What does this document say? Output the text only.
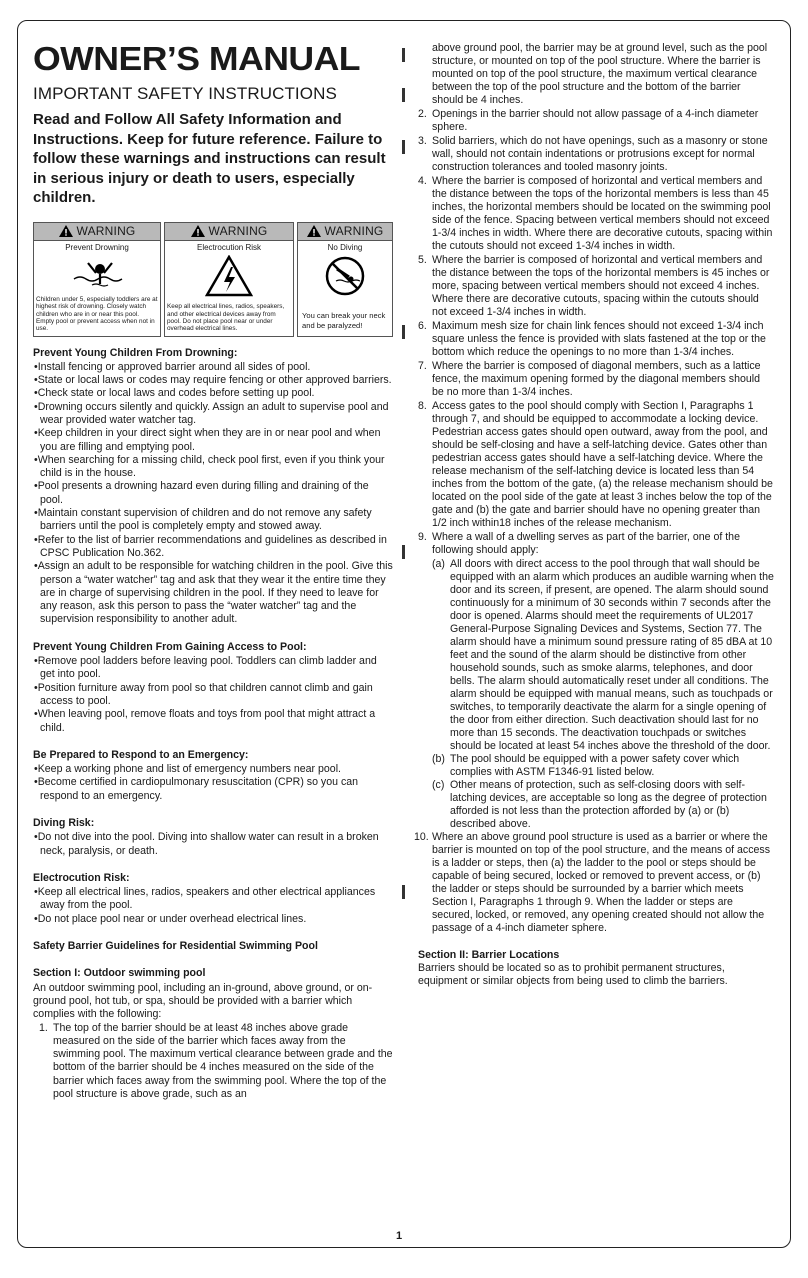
OWNER’S MANUAL
IMPORTANT SAFETY INSTRUCTIONS

Read and Follow All Safety Information and Instructions. Keep for future reference. Failure to follow these warnings and instructions can result in serious injury or death to users, especially children.

WARNING
Prevent Drowning
Children under 5, especially toddlers are at highest risk of drowning. Closely watch children who are in or near this pool. Empty pool or prevent access when not in use.
WARNING
Electrocution Risk
Keep all electrical lines, radios, speakers, and other electrical devices away from pool. Do not place pool near or under overhead electrical lines.
WARNING
No Diving
You can break your neck and be paralyzed!
Prevent Young Children From Drowning:

• Install fencing or approved barrier around all sides of pool.

• State or local laws or codes may require fencing or other approved barriers.

• Check state or local laws and codes before setting up pool.

• Drowning occurs silently and quickly. Assign an adult to supervise pool and wear provided water watcher tag.

• Keep children in your direct sight when they are in or near pool and when you are filling and emptying pool.

• When searching for a missing child, check pool first, even if you think your child is in the house.

• Pool presents a drowning hazard even during filling and draining of the pool.

• Maintain constant supervision of children and do not remove any safety barriers until the pool is completely empty and stowed away.

• Refer to the list of barrier recommendations and guidelines as described in CPSC Publication No.362.

• Assign an adult to be responsible for watching children in the pool. Give this person a “water watcher” tag and ask that they wear it the entire time they are in charge of supervising children in the pool. If they need to leave for any reason, ask this person to pass the “water watcher” tag and the supervision responsibility to another adult.

Prevent Young Children From Gaining Access to Pool:

• Remove pool ladders before leaving pool. Toddlers can climb ladder and get into pool.

• Position furniture away from pool so that children cannot climb and gain access to pool.

• When leaving pool, remove floats and toys from pool that might attract a child.

Be Prepared to Respond to an Emergency:

• Keep a working phone and list of emergency numbers near pool.

• Become certified in cardiopulmonary resuscitation (CPR) so you can respond to an emergency.

Diving Risk:

• Do not dive into the pool. Diving into shallow water can result in a broken neck, paralysis, or death.

Electrocution Risk:

• Keep all electrical lines, radios, speakers and other electrical appliances away from the pool.

• Do not place pool near or under overhead electrical lines.

Safety Barrier Guidelines for Residential Swimming Pool
Section I: Outdoor swimming pool

An outdoor swimming pool, including an in-ground, above ground, or on-ground pool, hot tub, or spa, should be provided with a barrier which complies with the following:

1. The top of the barrier should be at least 48 inches above grade measured on the side of the barrier which faces away from the swimming pool. The maximum vertical clearance between grade and the bottom of the barrier should be 4 inches measured on the side of the barrier which faces away from the swimming pool. Where the top of the pool structure is above grade, such as an
above ground pool, the barrier may be at ground level, such as the pool structure, or mounted on top of the pool structure. Where the barrier is mounted on top of the pool structure, the maximum vertical clearance between the top of the pool structure and the bottom of the barrier should be 4 inches.
2. Openings in the barrier should not allow passage of a 4-inch diameter sphere.
3. Solid barriers, which do not have openings, such as a masonry or stone wall, should not contain indentations or protrusions except for normal construction tolerances and tooled masonry joints.
4. Where the barrier is composed of horizontal and vertical members and the distance between the tops of the horizontal members is less than 45 inches, the horizontal members should be located on the swimming pool side of the fence. Spacing between vertical members should not exceed 1-3/4 inches in width. Where there are decorative cutouts, spacing within the cutouts should not exceed 1-3/4 inches in width.
5. Where the barrier is composed of horizontal and vertical members and the distance between the tops of the horizontal members is 45 inches or more, spacing between vertical members should not exceed 4 inches. Where there are decorative cutouts, spacing within the cutouts should not exceed 1-3/4 inches in width.
6. Maximum mesh size for chain link fences should not exceed 1-3/4 inch square unless the fence is provided with slats fastened at the top or the bottom which reduce the openings to no more than 1-3/4 inches.
7. Where the barrier is composed of diagonal members, such as a lattice fence, the maximum opening formed by the diagonal members should be no more than 1-3/4 inches.
8. Access gates to the pool should comply with Section I, Paragraphs 1 through 7, and should be equipped to accommodate a locking device. Pedestrian access gates should open outward, away from the pool, and should be self-closing and have a self-latching device. Gates other than pedestrian access gates should have a self-latching device. Where the release mechanism of the self-latching device is located less than 54 inches from the bottom of the gate, (a) the release mechanism should be located on the pool side of the gate at least 3 inches below the top of the gate and (b) the gate and barrier should have no opening greater than 1/2 inch within18 inches of the release mechanism.
9. Where a wall of a dwelling serves as part of the barrier, one of the following should apply:
(a) All doors with direct access to the pool through that wall should be equipped with an alarm which produces an audible warning when the door and its screen, if present, are opened. The alarm should sound continuously for a minimum of 30 seconds within 7 seconds after the door is opened. Alarms should meet the requirements of UL2017 General-Purpose Signaling Devices and Systems, Section 77. The alarm should have a minimum sound pressure rating of 85 dBA at 10 feet and the sound of the alarm should be distinctive from other household sounds, such as smoke alarms, telephones, and door bells. The alarm should automatically reset under all conditions. The alarm should be equipped with manual means, such as touchpads or switches, to temporarily deactivate the alarm for a single opening of the door from either direction. Such deactivation should last for no more than 15 seconds. The deactivation touchpads or switches should be located at least 54 inches above the threshold of the door.
(b) The pool should be equipped with a power safety cover which complies with ASTM F1346-91 listed below.
(c) Other means of protection, such as self-closing doors with self-latching devices, are acceptable so long as the degree of protection afforded is not less than the protection afforded by (a) or (b) described above.
10. Where an above ground pool structure is used as a barrier or where the barrier is mounted on top of the pool structure, and the means of access is a ladder or steps, then (a) the ladder to the pool or steps should be capable of being secured, locked or removed to prevent access, or (b) the ladder or steps should be surrounded by a barrier which meets Section I, Paragraphs 1 through 9. When the ladder or steps are secured, locked, or removed, any opening created should not allow the passage of a 4-inch diameter sphere.
Section II: Barrier Locations
Barriers should be located so as to prohibit permanent structures, equipment or similar objects from being used to climb the barriers.
1
